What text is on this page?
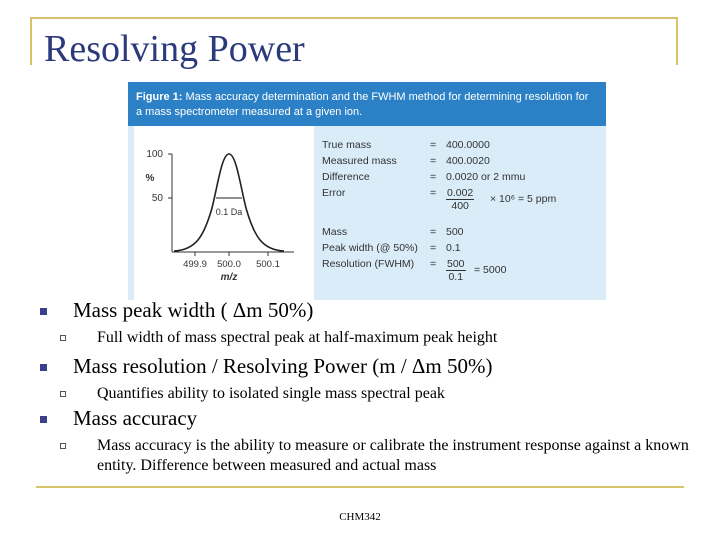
Resolving Power
Figure 1: Mass accuracy determination and the FWHM method for determining resolution for a mass spectrometer measured at a given ion.
100
%
50
0.1 Da
499.9 500.0 500.1
m/z
True mass	= 400.0000
Measured mass	= 400.0020
Difference	= 0.0020 or 2 mmu
Error	= $\frac{0.002}{400} \times 10^6 = 5$ ppm
Mass	= 500
Peak width (@ 50%) = 0.1
Resolution (FWHM) = $\frac{500}{0.1} = 5000$
CHM342
Mass peak width ( Δm 50%)
Full width of mass spectral peak at half-maximum peak height
Mass resolution / Resolving Power (m / Δm 50%)
Quantifies ability to isolated single mass spectral peak
Mass accuracy
Mass accuracy is the ability to measure or calibrate the instrument response against a known entity. Difference between measured and actual mass
